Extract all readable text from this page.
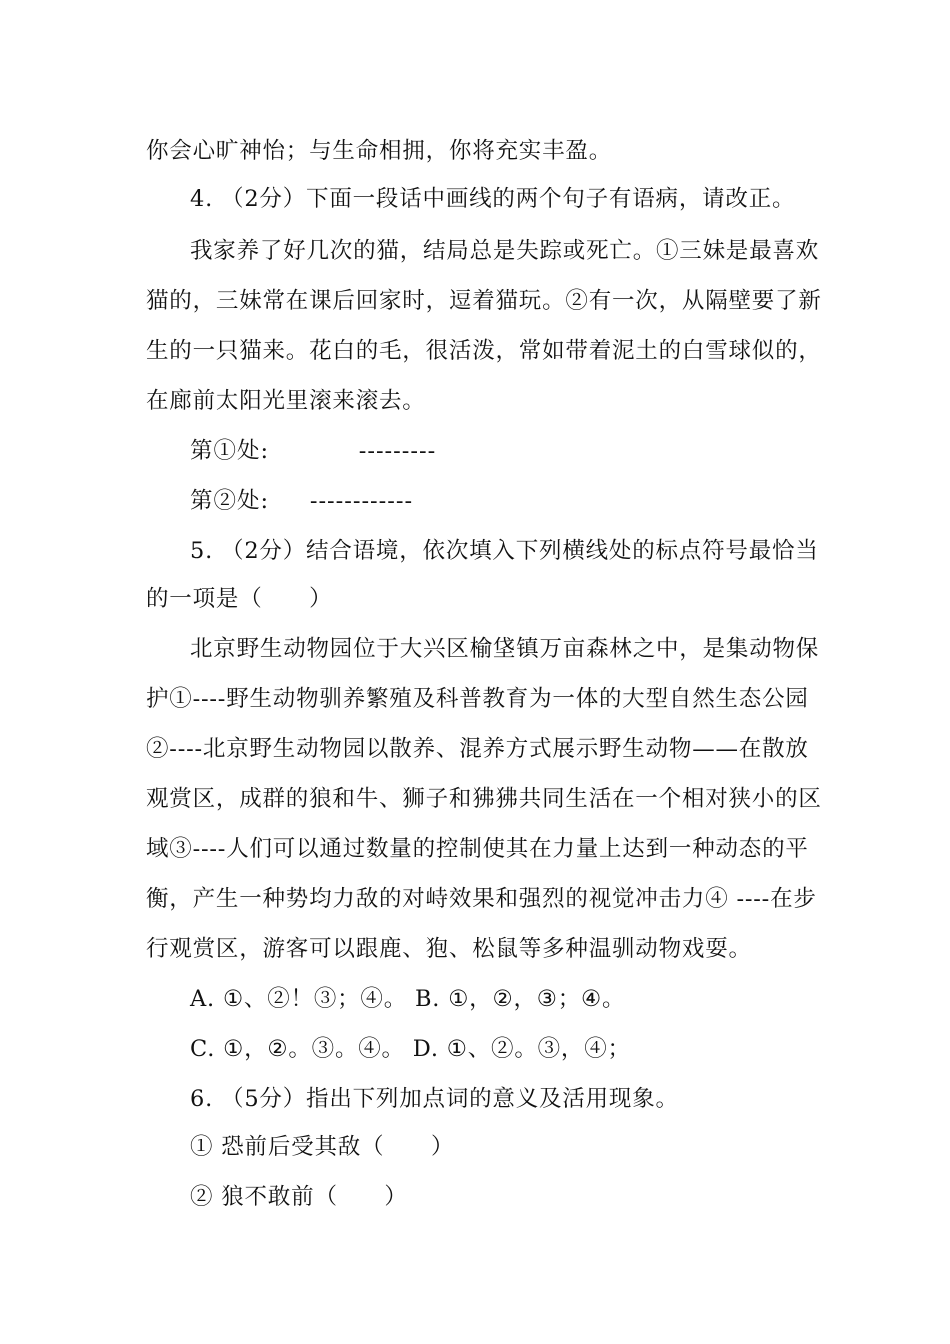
你会心旷神怡；与生命相拥，你将充实丰盈。
4. （2分）下面一段话中画线的两个句子有语病，请改正。
我家养了好几次的猫，结局总是失踪或死亡。①三妹是最喜欢
猫的，三妹常在课后回家时，逗着猫玩。②有一次，从隔壁要了新
生的一只猫来。花白的毛，很活泼，常如带着泥土的白雪球似的，
在廊前太阳光里滚来滚去。
第①处:           ---------
第②处:     ------------
5. （2分）结合语境，依次填入下列横线处的标点符号最恰当
的一项是（　　）
北京野生动物园位于大兴区榆垡镇万亩森林之中，是集动物保
护①----野生动物驯养繁殖及科普教育为一体的大型自然生态公园
②----北京野生动物园以散养、混养方式展示野生动物——在散放
观赏区，成群的狼和牛、狮子和狒狒共同生活在一个相对狭小的区
域③----人们可以通过数量的控制使其在力量上达到一种动态的平
衡，产生一种势均力敌的对峙效果和强烈的视觉冲击力④ ----在步
行观赏区，游客可以跟鹿、狍、松鼠等多种温驯动物戏耍。
A. ①、②！③；④。 B. ①，②，③；④。
C. ①，②。③。④。 D. ①、②。③，④；
6. （5分）指出下列加点词的意义及活用现象。
① 恐前后受其敌（　　）
② 狼不敢前（　　）
